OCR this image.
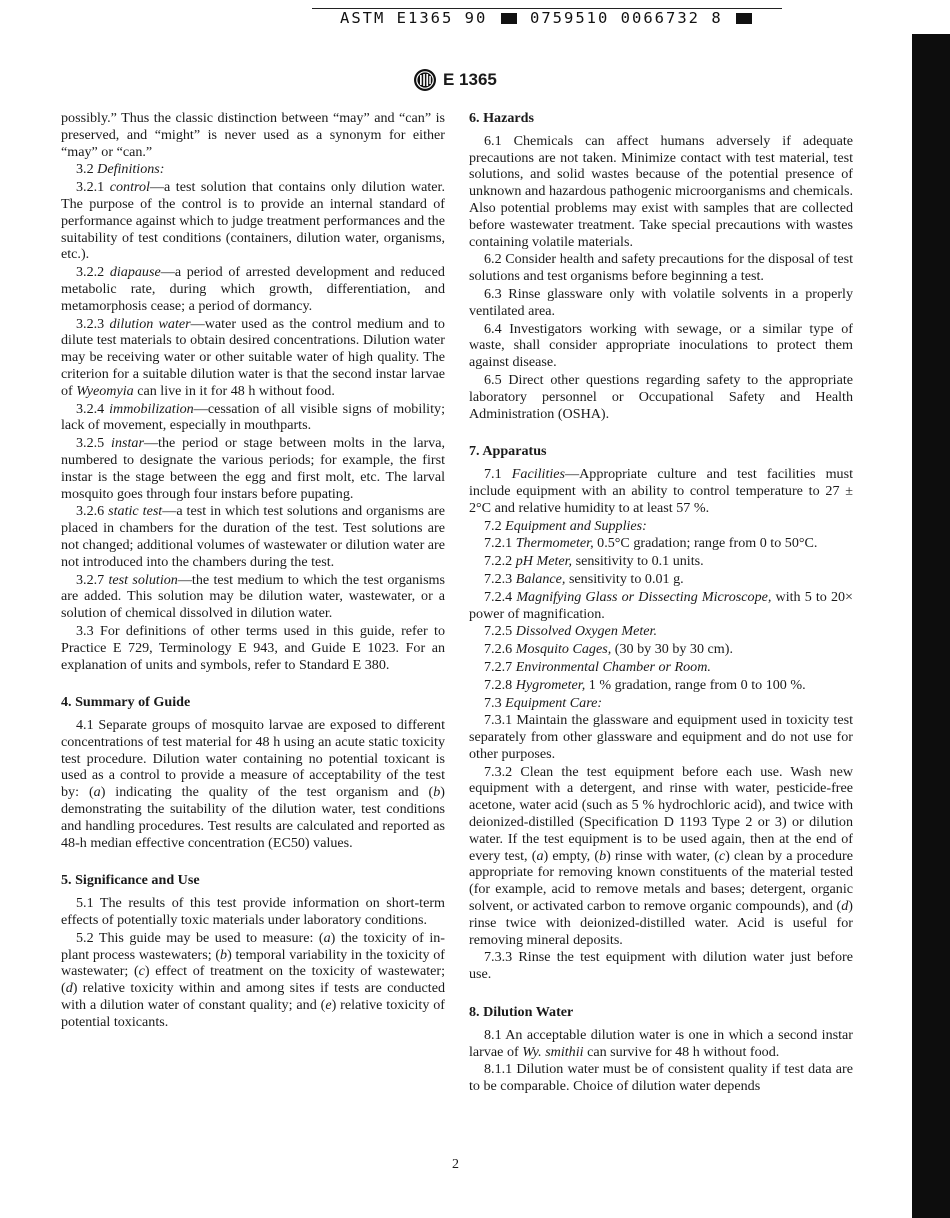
ASTM E1365 90	0759510 0066732 8
E 1365

possibly.” Thus the classic distinction between “may” and “can” is preserved, and “might” is never used as a synonym for either “may” or “can.”

3.2 Definitions:

3.2.1 control—a test solution that contains only dilution water. The purpose of the control is to provide an internal standard of performance against which to judge treatment performances and the suitability of test conditions (containers, dilution water, organisms, etc.).

3.2.2 diapause—a period of arrested development and reduced metabolic rate, during which growth, differentiation, and metamorphosis cease; a period of dormancy.

3.2.3 dilution water—water used as the control medium and to dilute test materials to obtain desired concentrations. Dilution water may be receiving water or other suitable water of high quality. The criterion for a suitable dilution water is that the second instar larvae of Wyeomyia can live in it for 48 h without food.

3.2.4 immobilization—cessation of all visible signs of mobility; lack of movement, especially in mouthparts.

3.2.5 instar—the period or stage between molts in the larva, numbered to designate the various periods; for example, the first instar is the stage between the egg and first molt, etc. The larval mosquito goes through four instars before pupating.

3.2.6 static test—a test in which test solutions and organisms are placed in chambers for the duration of the test. Test solutions are not changed; additional volumes of wastewater or dilution water are not introduced into the chambers during the test.

3.2.7 test solution—the test medium to which the test organisms are added. This solution may be dilution water, wastewater, or a solution of chemical dissolved in dilution water.

3.3 For definitions of other terms used in this guide, refer to Practice E 729, Terminology E 943, and Guide E 1023. For an explanation of units and symbols, refer to Standard E 380.

4. Summary of Guide

4.1 Separate groups of mosquito larvae are exposed to different concentrations of test material for 48 h using an acute static toxicity test procedure. Dilution water containing no potential toxicant is used as a control to provide a measure of acceptability of the test by: (a) indicating the quality of the test organism and (b) demonstrating the suitability of the dilution water, test conditions and handling procedures. Test results are calculated and reported as 48-h median effective concentration (EC50) values.

5. Significance and Use

5.1 The results of this test provide information on short-term effects of potentially toxic materials under laboratory conditions.

5.2 This guide may be used to measure: (a) the toxicity of in-plant process wastewaters; (b) temporal variability in the toxicity of wastewater; (c) effect of treatment on the toxicity of wastewater; (d) relative toxicity within and among sites if tests are conducted with a dilution water of constant quality; and (e) relative toxicity of potential toxicants.

6. Hazards

6.1 Chemicals can affect humans adversely if adequate precautions are not taken. Minimize contact with test material, test solutions, and solid wastes because of the potential presence of unknown and hazardous pathogenic microorganisms and chemicals. Also potential problems may exist with samples that are collected before wastewater treatment. Take special precautions with wastes containing volatile materials.

6.2 Consider health and safety precautions for the disposal of test solutions and test organisms before beginning a test.

6.3 Rinse glassware only with volatile solvents in a properly ventilated area.

6.4 Investigators working with sewage, or a similar type of waste, shall consider appropriate inoculations to protect them against disease.

6.5 Direct other questions regarding safety to the appropriate laboratory personnel or Occupational Safety and Health Administration (OSHA).

7. Apparatus

7.1 Facilities—Appropriate culture and test facilities must include equipment with an ability to control temperature to 27 ± 2°C and relative humidity to at least 57 %.

7.2 Equipment and Supplies:

7.2.1 Thermometer, 0.5°C gradation; range from 0 to 50°C.

7.2.2 pH Meter, sensitivity to 0.1 units.

7.2.3 Balance, sensitivity to 0.01 g.

7.2.4 Magnifying Glass or Dissecting Microscope, with 5 to 20× power of magnification.

7.2.5 Dissolved Oxygen Meter.

7.2.6 Mosquito Cages, (30 by 30 by 30 cm).

7.2.7 Environmental Chamber or Room.

7.2.8 Hygrometer, 1 % gradation, range from 0 to 100 %.

7.3 Equipment Care:

7.3.1 Maintain the glassware and equipment used in toxicity test separately from other glassware and equipment and do not use for other purposes.

7.3.2 Clean the test equipment before each use. Wash new equipment with a detergent, and rinse with water, pesticide-free acetone, water acid (such as 5 % hydrochloric acid), and twice with deionized-distilled (Specification D 1193 Type 2 or 3) or dilution water. If the test equipment is to be used again, then at the end of every test, (a) empty, (b) rinse with water, (c) clean by a procedure appropriate for removing known constituents of the material tested (for example, acid to remove metals and bases; detergent, organic solvent, or activated carbon to remove organic compounds), and (d) rinse twice with deionized-distilled water. Acid is useful for removing mineral deposits.

7.3.3 Rinse the test equipment with dilution water just before use.

8. Dilution Water

8.1 An acceptable dilution water is one in which a second instar larvae of Wy. smithii can survive for 48 h without food.

8.1.1 Dilution water must be of consistent quality if test data are to be comparable. Choice of dilution water depends

2
